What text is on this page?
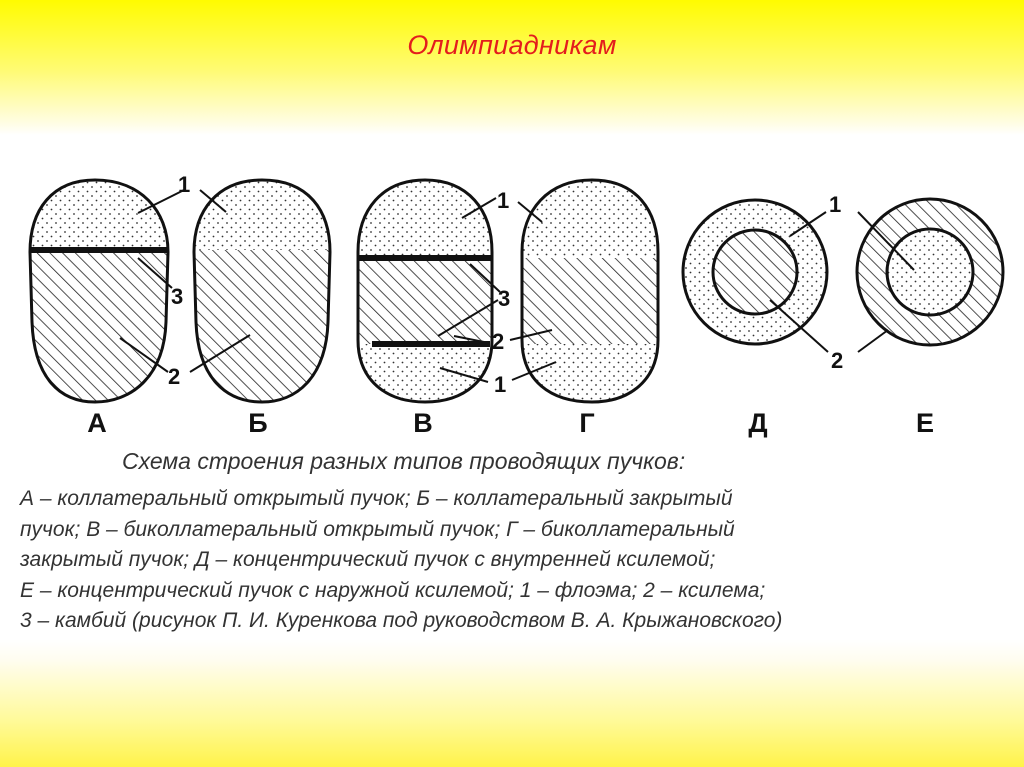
Олимпиадникам
1
3
2
1
3
2
1
1
2
А	Б	В	Г	Д	Е
Схема строения разных типов проводящих пучков:
А – коллатеральный открытый пучок; Б – коллатеральный закрытый
пучок; В – биколлатеральный открытый пучок; Г – биколлатеральный
закрытый пучок; Д – концентрический пучок с внутренней ксилемой;
Е – концентрический пучок с наружной ксилемой; 1 – флоэма; 2 – ксилема;
3 – камбий (рисунок П. И. Куренкова под руководством В. А. Крыжановского)
